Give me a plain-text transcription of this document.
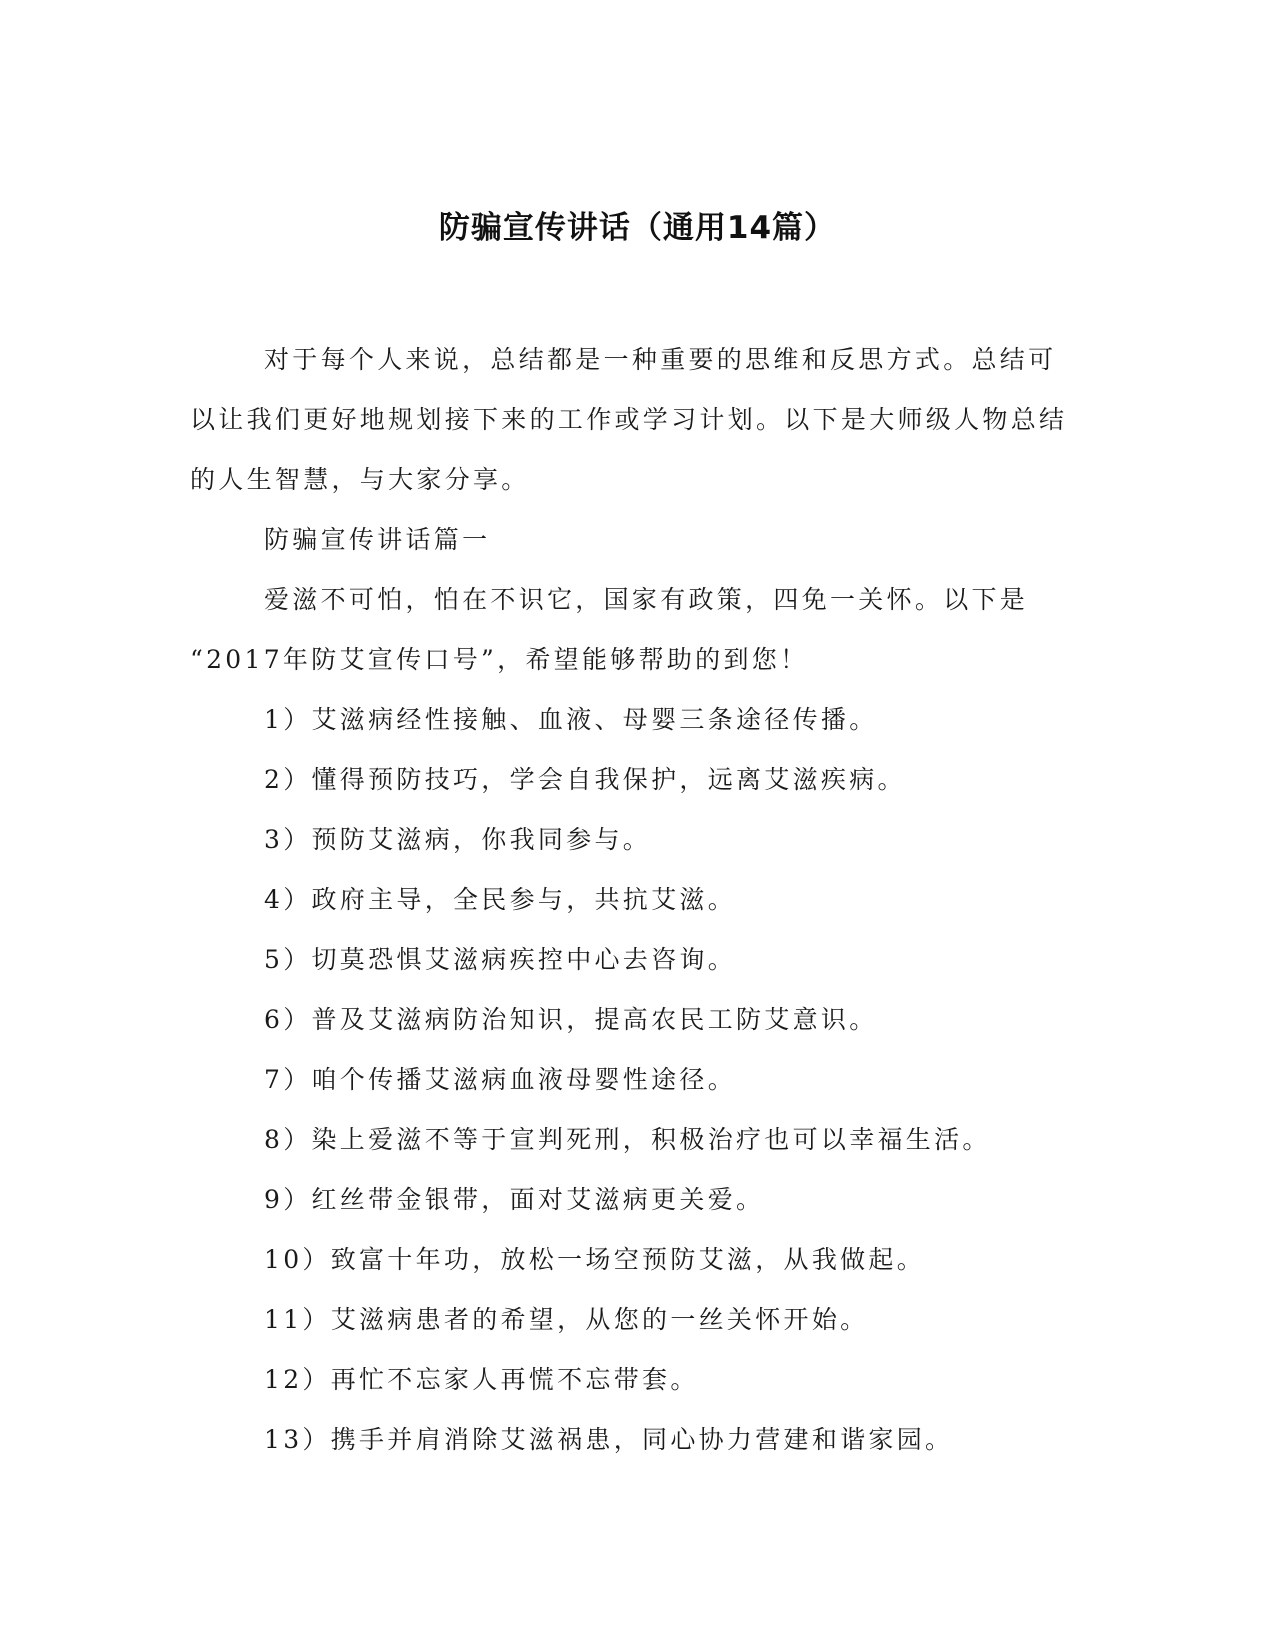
防骗宣传讲话（通用14篇）

对于每个人来说，总结都是一种重要的思维和反思方式。总结可以让我们更好地规划接下来的工作或学习计划。以下是大师级人物总结的人生智慧，与大家分享。

防骗宣传讲话篇一

爱滋不可怕，怕在不识它，国家有政策，四免一关怀。以下是

“2017年防艾宣传口号”，希望能够帮助的到您！

1）艾滋病经性接触、血液、母婴三条途径传播。

2）懂得预防技巧，学会自我保护，远离艾滋疾病。

3）预防艾滋病，你我同参与。

4）政府主导，全民参与，共抗艾滋。

5）切莫恐惧艾滋病疾控中心去咨询。

6）普及艾滋病防治知识，提高农民工防艾意识。

7）咱个传播艾滋病血液母婴性途径。

8）染上爱滋不等于宣判死刑，积极治疗也可以幸福生活。

9）红丝带金银带，面对艾滋病更关爱。

10）致富十年功，放松一场空预防艾滋，从我做起。

11）艾滋病患者的希望，从您的一丝关怀开始。

12）再忙不忘家人再慌不忘带套。

13）携手并肩消除艾滋祸患，同心协力营建和谐家园。
